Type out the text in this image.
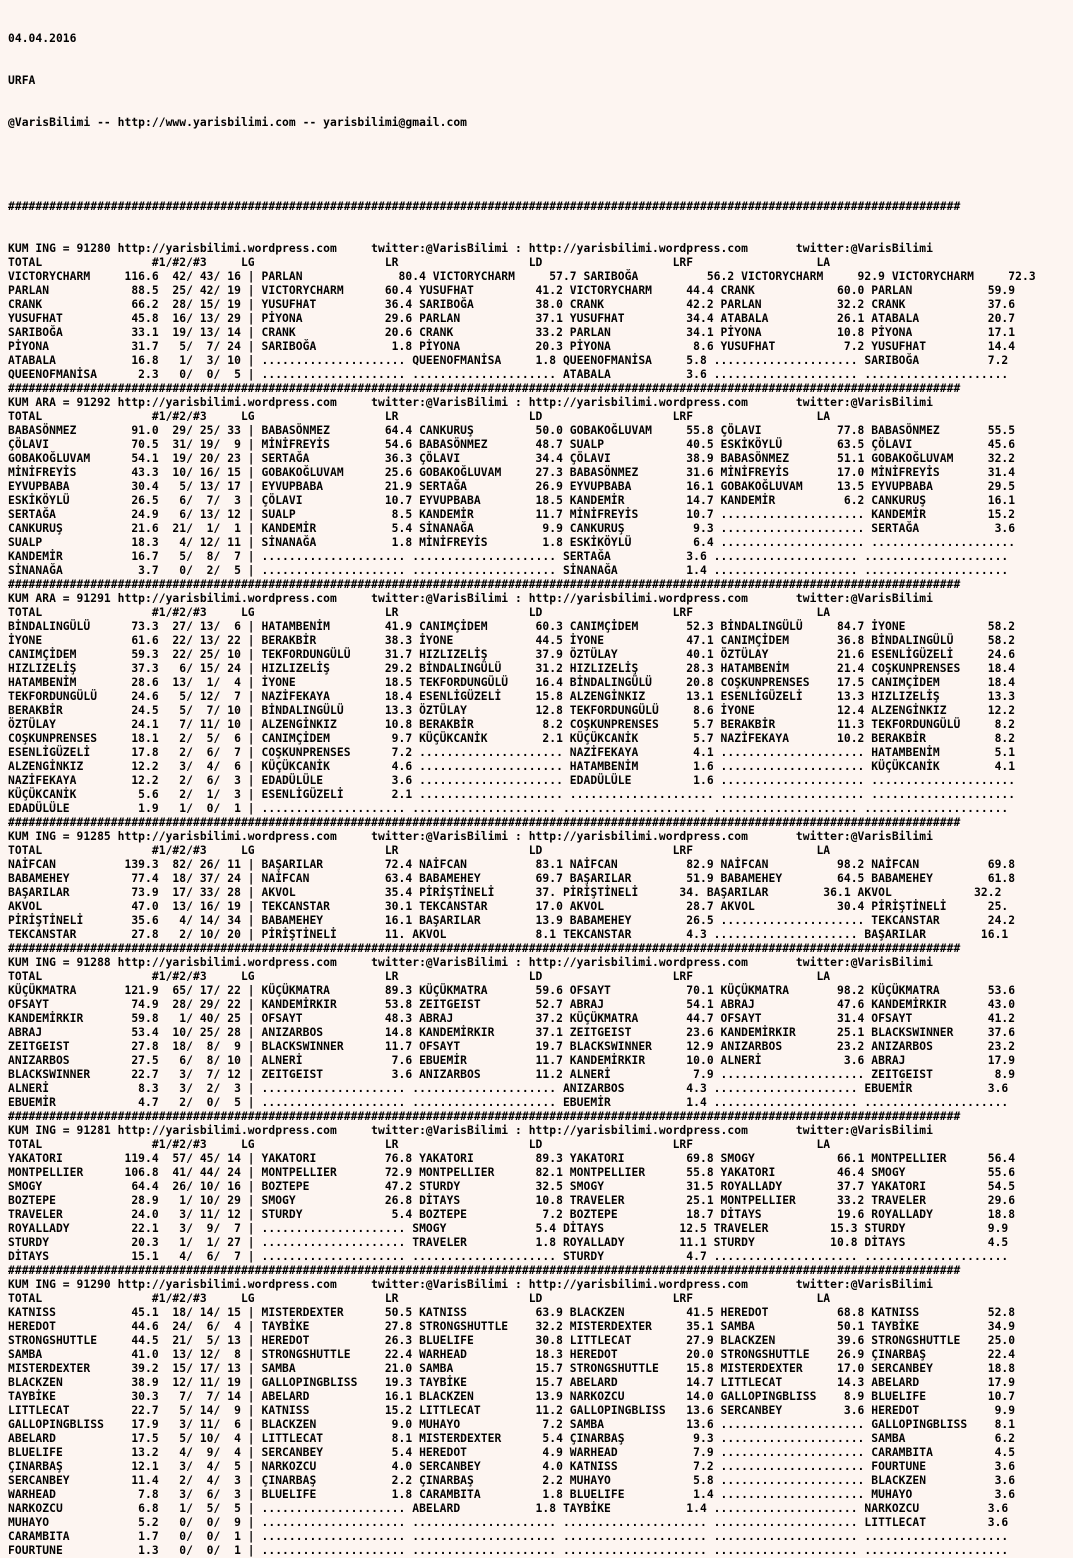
04.04.2016

URFA

@VarisBilimi -- http://www.yarisbilimi.com -- yarisbilimi@gmail.com

###########################################################################################################################################

KUM ING = 91280 http://yarisbilimi.wordpress.com     twitter:@VarisBilimi : http://yarisbilimi.wordpress.com       twitter:@VarisBilimi
TOTAL                #1/#2/#3     LG                   LR                   LD                   LRF                  LA
VICTORYCHARM     116.6  42/ 43/ 16 | PARLAN              80.4 VICTORYCHARM     57.7 SARIBOĞA          56.2 VICTORYCHARM     92.9 VICTORYCHARM     72.3
PARLAN            88.5  25/ 42/ 19 | VICTORYCHARM      60.4 YUSUFHAT         41.2 VICTORYCHARM     44.4 CRANK            60.0 PARLAN           59.9
CRANK             66.2  28/ 15/ 19 | YUSUFHAT          36.4 SARIBOĞA         38.0 CRANK            42.2 PARLAN           32.2 CRANK            37.6
YUSUFHAT          45.8  16/ 13/ 29 | PİYONA            29.6 PARLAN           37.1 YUSUFHAT         34.4 ATABALA          26.1 ATABALA          20.7
SARIBOĞA          33.1  19/ 13/ 14 | CRANK             20.6 CRANK            33.2 PARLAN           34.1 PİYONA           10.8 PİYONA           17.1
PİYONA            31.7   5/  7/ 24 | SARIBOĞA           1.8 PİYONA           20.3 PİYONA            8.6 YUSUFHAT          7.2 YUSUFHAT         14.4
ATABALA           16.8   1/  3/ 10 | ..................... QUEENOFMANİSA     1.8 QUEENOFMANİSA     5.8 ..................... SARIBOĞA          7.2
QUEENOFMANİSA      2.3   0/  0/  5 | ..................... ..................... ATABALA           3.6 ..................... .....................
###########################################################################################################################################
KUM ARA = 91292 http://yarisbilimi.wordpress.com     twitter:@VarisBilimi : http://yarisbilimi.wordpress.com       twitter:@VarisBilimi
TOTAL                #1/#2/#3     LG                   LR                   LD                   LRF                  LA
BABASÖNMEZ        91.0  29/ 25/ 33 | BABASÖNMEZ        64.4 CANKURUŞ         50.0 GOBAKOĞLUVAM     55.8 ÇÖLAVI           77.8 BABASÖNMEZ       55.5
ÇÖLAVI            70.5  31/ 19/  9 | MİNİFREYİS        54.6 BABASÖNMEZ       48.7 SUALP            40.5 ESKİKÖYLÜ        63.5 ÇÖLAVI           45.6
GOBAKOĞLUVAM      54.1  19/ 20/ 23 | SERTAĞA           36.3 ÇÖLAVI           34.4 ÇÖLAVI           38.9 BABASÖNMEZ       51.1 GOBAKOĞLUVAM     32.2
MİNİFREYİS        43.3  10/ 16/ 15 | GOBAKOĞLUVAM      25.6 GOBAKOĞLUVAM     27.3 BABASÖNMEZ       31.6 MİNİFREYİS       17.0 MİNİFREYİS       31.4
EYVUPBABA         30.4   5/ 13/ 17 | EYVUPBABA         21.9 SERTAĞA          26.9 EYVUPBABA        16.1 GOBAKOĞLUVAM     13.5 EYVUPBABA        29.5
ESKİKÖYLÜ         26.5   6/  7/  3 | ÇÖLAVI            10.7 EYVUPBABA        18.5 KANDEMİR         14.7 KANDEMİR          6.2 CANKURUŞ         16.1
SERTAĞA           24.9   6/ 13/ 12 | SUALP              8.5 KANDEMİR         11.7 MİNİFREYİS       10.7 ..................... KANDEMİR         15.2
CANKURUŞ          21.6  21/  1/  1 | KANDEMİR           5.4 SİNANAĞA          9.9 CANKURUŞ          9.3 ..................... SERTAĞA           3.6
SUALP             18.3   4/ 12/ 11 | SİNANAĞA           1.8 MİNİFREYİS        1.8 ESKİKÖYLÜ         6.4 ..................... .....................
KANDEMİR          16.7   5/  8/  7 | ..................... ..................... SERTAĞA           3.6 ..................... .....................
SİNANAĞA           3.7   0/  2/  5 | ..................... ..................... SİNANAĞA          1.4 ..................... .....................
###########################################################################################################################################
KUM ARA = 91291 http://yarisbilimi.wordpress.com     twitter:@VarisBilimi : http://yarisbilimi.wordpress.com       twitter:@VarisBilimi
TOTAL                #1/#2/#3     LG                   LR                   LD                   LRF                  LA
BİNDALINGÜLÜ      73.3  27/ 13/  6 | HATAMBENİM        41.9 CANIMÇİDEM       60.3 CANIMÇİDEM       52.3 BİNDALINGÜLÜ     84.7 İYONE            58.2
İYONE             61.6  22/ 13/ 22 | BERAKBİR          38.3 İYONE            44.5 İYONE            47.1 CANIMÇİDEM       36.8 BİNDALINGÜLÜ     58.2
CANIMÇİDEM        59.3  22/ 25/ 10 | TEKFORDUNGÜLÜ     31.7 HIZLIZELİŞ       37.9 ÖZTÜLAY          40.1 ÖZTÜLAY          21.6 ESENLİGÜZELİ     24.6
HIZLIZELİŞ        37.3   6/ 15/ 24 | HIZLIZELİŞ        29.2 BİNDALINGÜLÜ     31.2 HIZLIZELİŞ       28.3 HATAMBENİM       21.4 COŞKUNPRENSES    18.4
HATAMBENİM        28.6  13/  1/  4 | İYONE             18.5 TEKFORDUNGÜLÜ    16.4 BİNDALINGÜLÜ     20.8 COŞKUNPRENSES    17.5 CANIMÇİDEM       18.4
TEKFORDUNGÜLÜ     24.6   5/ 12/  7 | NAZİFEKAYA        18.4 ESENLİGÜZELİ     15.8 ALZENGİNKIZ      13.1 ESENLİGÜZELİ     13.3 HIZLIZELİŞ       13.3
BERAKBİR          24.5   5/  7/ 10 | BİNDALINGÜLÜ      13.3 ÖZTÜLAY          12.8 TEKFORDUNGÜLÜ     8.6 İYONE            12.4 ALZENGİNKIZ      12.2
ÖZTÜLAY           24.1   7/ 11/ 10 | ALZENGİNKIZ       10.8 BERAKBİR          8.2 COŞKUNPRENSES     5.7 BERAKBİR         11.3 TEKFORDUNGÜLÜ     8.2
COŞKUNPRENSES     18.1   2/  5/  6 | CANIMÇİDEM         9.7 KÜÇÜKCANİK        2.1 KÜÇÜKCANİK        5.7 NAZİFEKAYA       10.2 BERAKBİR          8.2
ESENLİGÜZELİ      17.8   2/  6/  7 | COŞKUNPRENSES      7.2 ..................... NAZİFEKAYA        4.1 ..................... HATAMBENİM        5.1
ALZENGİNKIZ       12.2   3/  4/  6 | KÜÇÜKCANİK         4.6 ..................... HATAMBENİM        1.6 ..................... KÜÇÜKCANİK        4.1
NAZİFEKAYA        12.2   2/  6/  3 | EDADÜLÜLE          3.6 ..................... EDADÜLÜLE         1.6 ..................... .....................
KÜÇÜKCANİK         5.6   2/  1/  3 | ESENLİGÜZELİ       2.1 ..................... ..................... ..................... .....................
EDADÜLÜLE          1.9   1/  0/  1 | ..................... ..................... ..................... ..................... .....................
###########################################################################################################################################
KUM ING = 91285 http://yarisbilimi.wordpress.com     twitter:@VarisBilimi : http://yarisbilimi.wordpress.com       twitter:@VarisBilimi
TOTAL                #1/#2/#3     LG                   LR                   LD                   LRF                  LA
NAİFCAN          139.3  82/ 26/ 11 | BAŞARILAR         72.4 NAİFCAN          83.1 NAİFCAN          82.9 NAİFCAN          98.2 NAİFCAN          69.8
BABAMEHEY         77.4  18/ 37/ 24 | NAİFCAN           63.4 BABAMEHEY        69.7 BAŞARILAR        51.9 BABAMEHEY        64.5 BABAMEHEY        61.8
BAŞARILAR         73.9  17/ 33/ 28 | AKVOL             35.4 PİRİŞTİNELİ      37. PİRİŞTİNELİ      34. BAŞARILAR        36.1 AKVOL            32.2
AKVOL             47.0  13/ 16/ 19 | TEKCANSTAR        30.1 TEKCANSTAR       17.0 AKVOL            28.7 AKVOL            30.4 PİRİŞTİNELİ      25.
PİRİŞTİNELİ       35.6   4/ 14/ 34 | BABAMEHEY         16.1 BAŞARILAR        13.9 BABAMEHEY        26.5 ..................... TEKCANSTAR       24.2
TEKCANSTAR        27.8   2/ 10/ 20 | PİRİŞTİNELİ       11. AKVOL             8.1 TEKCANSTAR        4.3 ..................... BAŞARILAR        16.1
###########################################################################################################################################
KUM ING = 91288 http://yarisbilimi.wordpress.com     twitter:@VarisBilimi : http://yarisbilimi.wordpress.com       twitter:@VarisBilimi
TOTAL                #1/#2/#3     LG                   LR                   LD                   LRF                  LA
KÜÇÜKMATRA       121.9  65/ 17/ 22 | KÜÇÜKMATRA        89.3 KÜÇÜKMATRA       59.6 OFSAYT           70.1 KÜÇÜKMATRA       98.2 KÜÇÜKMATRA       53.6
OFSAYT            74.9  28/ 29/ 22 | KANDEMİRKIR       53.8 ZEITGEIST        52.7 ABRAJ            54.1 ABRAJ            47.6 KANDEMİRKIR      43.0
KANDEMİRKIR       59.8   1/ 40/ 25 | OFSAYT            48.3 ABRAJ            37.2 KÜÇÜKMATRA       44.7 OFSAYT           31.4 OFSAYT           41.2
ABRAJ             53.4  10/ 25/ 28 | ANIZARBOS         14.8 KANDEMİRKIR      37.1 ZEITGEIST        23.6 KANDEMİRKIR      25.1 BLACKSWINNER     37.6
ZEITGEIST         27.8  18/  8/  9 | BLACKSWINNER      11.7 OFSAYT           19.7 BLACKSWINNER     12.9 ANIZARBOS        23.2 ANIZARBOS        23.2
ANIZARBOS         27.5   6/  8/ 10 | ALNERİ             7.6 EBUEMİR          11.7 KANDEMİRKIR      10.0 ALNERİ            3.6 ABRAJ            17.9
BLACKSWINNER      22.7   3/  7/ 12 | ZEITGEIST          3.6 ANIZARBOS        11.2 ALNERİ            7.9 ..................... ZEITGEIST         8.9
ALNERİ             8.3   3/  2/  3 | ..................... ..................... ANIZARBOS         4.3 ..................... EBUEMİR           3.6
EBUEMİR            4.7   2/  0/  5 | ..................... ..................... EBUEMİR           1.4 ..................... .....................
###########################################################################################################################################
KUM ING = 91281 http://yarisbilimi.wordpress.com     twitter:@VarisBilimi : http://yarisbilimi.wordpress.com       twitter:@VarisBilimi
TOTAL                #1/#2/#3     LG                   LR                   LD                   LRF                  LA
YAKATORI         119.4  57/ 45/ 14 | YAKATORI          76.8 YAKATORI         89.3 YAKATORI         69.8 SMOGY            66.1 MONTPELLIER      56.4
MONTPELLIER      106.8  41/ 44/ 24 | MONTPELLIER       72.9 MONTPELLIER      82.1 MONTPELLIER      55.8 YAKATORI         46.4 SMOGY            55.6
SMOGY             64.4  26/ 10/ 16 | BOZTEPE           47.2 STURDY           32.5 SMOGY            31.5 ROYALLADY        37.7 YAKATORI         54.5
BOZTEPE           28.9   1/ 10/ 29 | SMOGY             26.8 DİTAYS           10.8 TRAVELER         25.1 MONTPELLIER      33.2 TRAVELER         29.6
TRAVELER          24.0   3/ 11/ 12 | STURDY             5.4 BOZTEPE           7.2 BOZTEPE          18.7 DİTAYS           19.6 ROYALLADY        18.8
ROYALLADY         22.1   3/  9/  7 | ..................... SMOGY             5.4 DİTAYS           12.5 TRAVELER         15.3 STURDY            9.9
STURDY            20.3   1/  1/ 27 | ..................... TRAVELER          1.8 ROYALLADY        11.1 STURDY           10.8 DİTAYS            4.5
DİTAYS            15.1   4/  6/  7 | ..................... ..................... STURDY            4.7 ..................... .....................
###########################################################################################################################################
KUM ING = 91290 http://yarisbilimi.wordpress.com     twitter:@VarisBilimi : http://yarisbilimi.wordpress.com       twitter:@VarisBilimi
TOTAL                #1/#2/#3     LG                   LR                   LD                   LRF                  LA
KATNISS           45.1  18/ 14/ 15 | MISTERDEXTER      50.5 KATNISS          63.9 BLACKZEN         41.5 HEREDOT          68.8 KATNISS          52.8
HEREDOT           44.6  24/  6/  4 | TAYBİKE           27.8 STRONGSHUTTLE    32.2 MISTERDEXTER     35.1 SAMBA            50.1 TAYBİKE          34.9
STRONGSHUTTLE     44.5  21/  5/ 13 | HEREDOT           26.3 BLUELIFE         30.8 LITTLECAT        27.9 BLACKZEN         39.6 STRONGSHUTTLE    25.0
SAMBA             41.0  13/ 12/  8 | STRONGSHUTTLE     22.4 WARHEAD          18.3 HEREDOT          20.0 STRONGSHUTTLE    26.9 ÇINARBAŞ         22.4
MISTERDEXTER      39.2  15/ 17/ 13 | SAMBA             21.0 SAMBA            15.7 STRONGSHUTTLE    15.8 MISTERDEXTER     17.0 SERCANBEY        18.8
BLACKZEN          38.9  12/ 11/ 19 | GALLOPINGBLISS    19.3 TAYBİKE          15.7 ABELARD          14.7 LITTLECAT        14.3 ABELARD          17.9
TAYBİKE           30.3   7/  7/ 14 | ABELARD           16.1 BLACKZEN         13.9 NARKOZCU         14.0 GALLOPINGBLISS    8.9 BLUELIFE         10.7
LITTLECAT         22.7   5/ 14/  9 | KATNISS           15.2 LITTLECAT        11.2 GALLOPINGBLISS   13.6 SERCANBEY         3.6 HEREDOT           9.9
GALLOPINGBLISS    17.9   3/ 11/  6 | BLACKZEN           9.0 MUHAYO            7.2 SAMBA            13.6 ..................... GALLOPINGBLISS    8.1
ABELARD           17.5   5/ 10/  4 | LITTLECAT          8.1 MISTERDEXTER      5.4 ÇINARBAŞ          9.3 ..................... SAMBA             6.2
BLUELIFE          13.2   4/  9/  4 | SERCANBEY          5.4 HEREDOT           4.9 WARHEAD           7.9 ..................... CARAMBITA         4.5
ÇINARBAŞ          12.1   3/  4/  5 | NARKOZCU           4.0 SERCANBEY         4.0 KATNISS           7.2 ..................... FOURTUNE          3.6
SERCANBEY         11.4   2/  4/  3 | ÇINARBAŞ           2.2 ÇINARBAŞ          2.2 MUHAYO            5.8 ..................... BLACKZEN          3.6
WARHEAD            7.8   3/  6/  3 | BLUELIFE           1.8 CARAMBITA         1.8 BLUELIFE          1.4 ..................... MUHAYO            3.6
NARKOZCU           6.8   1/  5/  5 | ..................... ABELARD           1.8 TAYBİKE           1.4 ..................... NARKOZCU          3.6
MUHAYO             5.2   0/  0/  9 | ..................... ..................... ..................... ..................... LITTLECAT         3.6
CARAMBITA          1.7   0/  0/  1 | ..................... ..................... ..................... ..................... .....................
FOURTUNE           1.3   0/  0/  1 | ..................... ..................... ..................... ..................... .....................
